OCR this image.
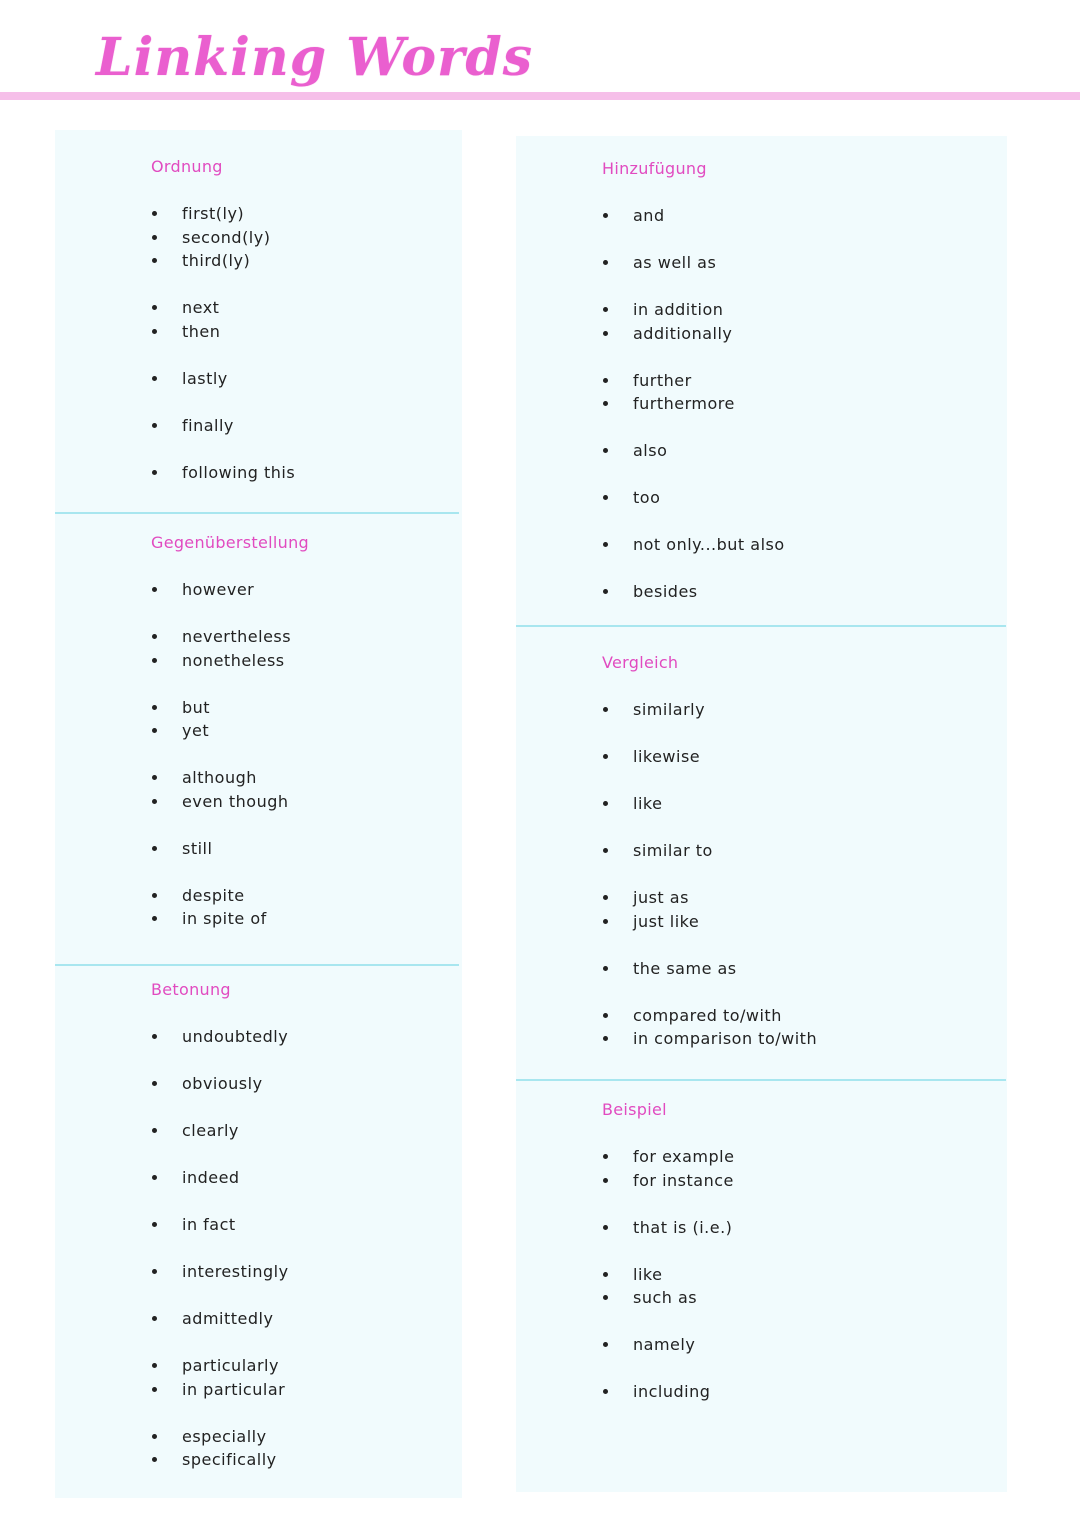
Linking Words
Ordnung
first(ly)
second(ly)
third(ly)
next
then
lastly
finally
following this
Gegenüberstellung
however
nevertheless
nonetheless
but
yet
although
even though
still
despite
in spite of
Betonung
undoubtedly
obviously
clearly
indeed
in fact
interestingly
admittedly
particularly
in particular
especially
specifically
Hinzufügung
and
as well as
in addition
additionally
further
furthermore
also
too
not only...but also
besides
Vergleich
similarly
likewise
like
similar to
just as
just like
the same as
compared to/with
in comparison to/with
Beispiel
for example
for instance
that is (i.e.)
like
such as
namely
including
